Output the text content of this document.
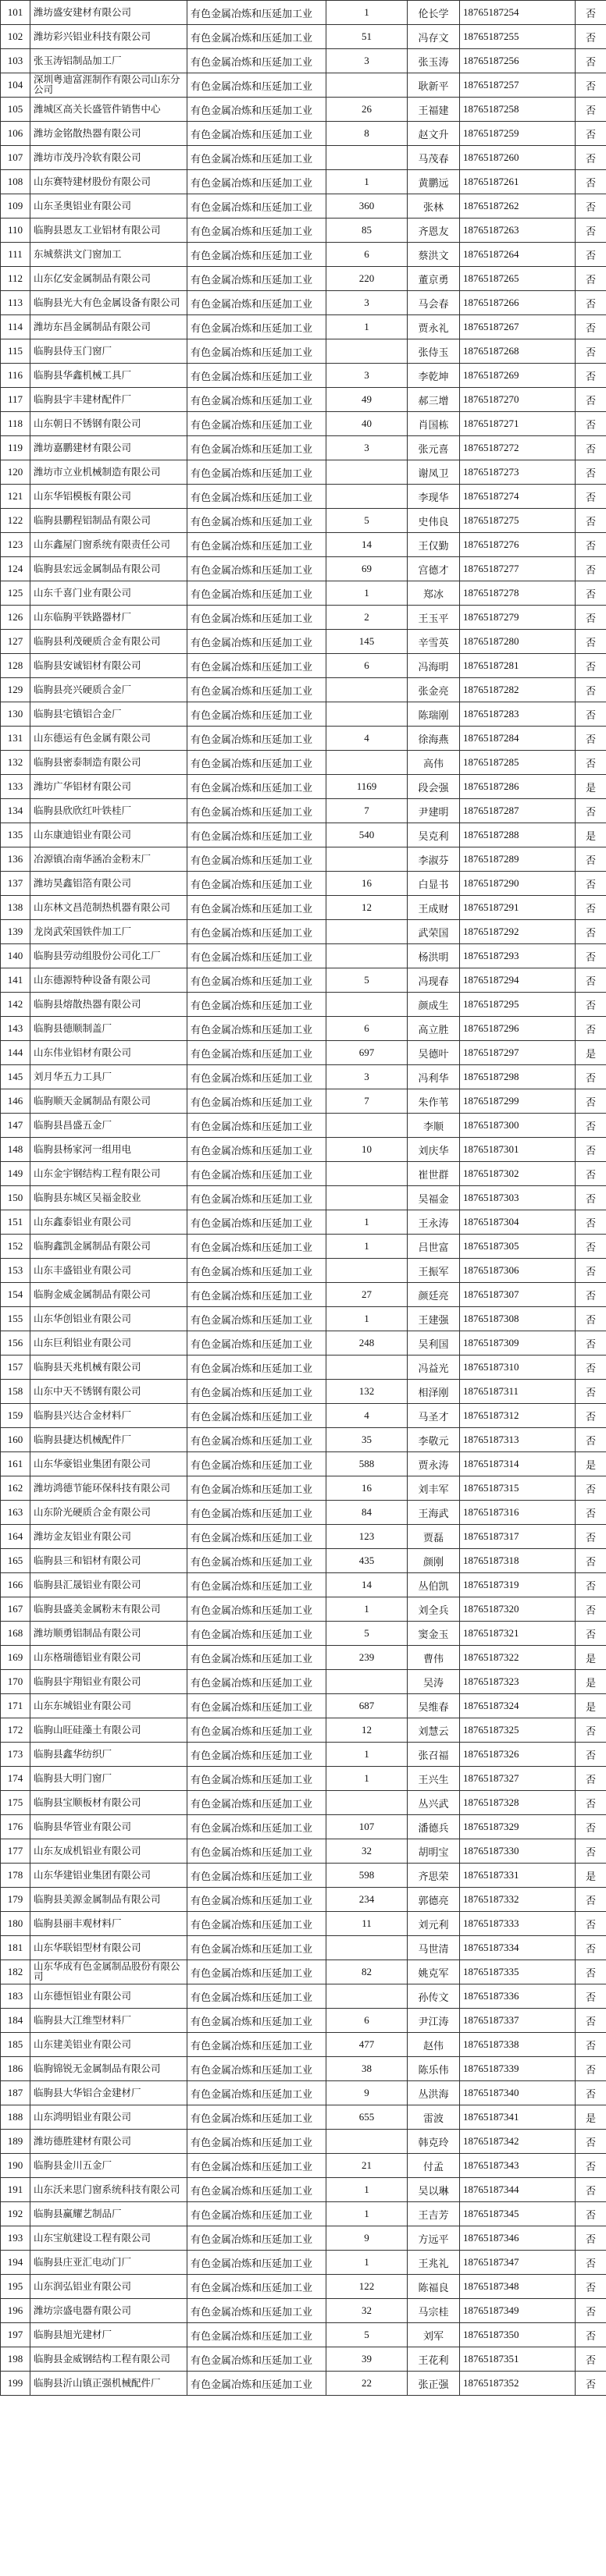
101	潍坊盛安建材有限公司	有色金属冶炼和压延加工业	1	伦长学	18765187254	否
102	潍坊彩兴铝业科技有限公司	有色金属冶炼和压延加工业	51	冯存文	18765187255	否
103	张玉涛铝制品加工厂	有色金属冶炼和压延加工业	3	张玉涛	18765187256	否
104	深圳粤迪富涯制作有限公司山东分公司	有色金属冶炼和压延加工业		耿新平	18765187257	否
105	潍城区高关长盛管件销售中心	有色金属冶炼和压延加工业	26	王福建	18765187258	否
106	潍坊金铭散热器有限公司	有色金属冶炼和压延加工业	8	赵文升	18765187259	否
107	潍坊市茂丹冷软有限公司	有色金属冶炼和压延加工业		马茂春	18765187260	否
108	山东赛特建材股份有限公司	有色金属冶炼和压延加工业	1	黄鹏远	18765187261	否
109	山东圣奥铝业有限公司	有色金属冶炼和压延加工业	360	张林	18765187262	否
110	临朐县恩友工业铝材有限公司	有色金属冶炼和压延加工业	85	齐恩友	18765187263	否
111	东城蔡洪文门窗加工	有色金属冶炼和压延加工业	6	蔡洪文	18765187264	否
112	山东亿安金属制品有限公司	有色金属冶炼和压延加工业	220	董京勇	18765187265	否
113	临朐县光大有色金属设备有限公司	有色金属冶炼和压延加工业	3	马会春	18765187266	否
114	潍坊东昌金属制品有限公司	有色金属冶炼和压延加工业	1	贾永礼	18765187267	否
115	临朐县侍玉门窗厂	有色金属冶炼和压延加工业		张侍玉	18765187268	否
116	临朐县华鑫机械工具厂	有色金属冶炼和压延加工业	3	李乾坤	18765187269	否
117	临朐县宇丰建材配件厂	有色金属冶炼和压延加工业	49	郝三增	18765187270	否
118	山东朝日不锈钢有限公司	有色金属冶炼和压延加工业	40	肖国栋	18765187271	否
119	潍坊嘉鹏建材有限公司	有色金属冶炼和压延加工业	3	张元喜	18765187272	否
120	潍坊市立业机械制造有限公司	有色金属冶炼和压延加工业		谢凤卫	18765187273	否
121	山东华铝模板有限公司	有色金属冶炼和压延加工业		李现华	18765187274	否
122	临朐县鹏程铝制品有限公司	有色金属冶炼和压延加工业	5	史伟良	18765187275	否
123	山东鑫屋门窗系统有限责任公司	有色金属冶炼和压延加工业	14	王仅勤	18765187276	否
124	临朐县宏远金属制品有限公司	有色金属冶炼和压延加工业	69	宫德才	18765187277	否
125	山东千喜门业有限公司	有色金属冶炼和压延加工业	1	郑冰	18765187278	否
126	山东临朐平铁路器材厂	有色金属冶炼和压延加工业	2	王玉平	18765187279	否
127	临朐县利茂硬质合金有限公司	有色金属冶炼和压延加工业	145	辛雪英	18765187280	否
128	临朐县安诚铝材有限公司	有色金属冶炼和压延加工业	6	冯海明	18765187281	否
129	临朐县亮兴硬质合金厂	有色金属冶炼和压延加工业		张金亮	18765187282	否
130	临朐县宅镇铝合金厂	有色金属冶炼和压延加工业		陈瑞刚	18765187283	否
131	山东德运有色金属有限公司	有色金属冶炼和压延加工业	4	徐海燕	18765187284	否
132	临朐县密泰制造有限公司	有色金属冶炼和压延加工业		高伟	18765187285	否
133	潍坊广华铝材有限公司	有色金属冶炼和压延加工业	1169	段会强	18765187286	是
134	临朐县欣欣红叶铁桂厂	有色金属冶炼和压延加工业	7	尹建明	18765187287	否
135	山东康迪铝业有限公司	有色金属冶炼和压延加工业	540	吴克利	18765187288	是
136	冶源镇冶南华涵冶金粉末厂	有色金属冶炼和压延加工业		李淑芬	18765187289	否
137	潍坊昊鑫铝箔有限公司	有色金属冶炼和压延加工业	16	白显书	18765187290	否
138	山东林文昌范制热机器有限公司	有色金属冶炼和压延加工业	12	王成财	18765187291	否
139	龙岗武荣国铁件加工厂	有色金属冶炼和压延加工业		武荣国	18765187292	否
140	临朐县劳动组股份公司化工厂	有色金属冶炼和压延加工业		杨洪明	18765187293	否
141	山东德源特种设备有限公司	有色金属冶炼和压延加工业	5	冯现春	18765187294	否
142	临朐县熔散热器有限公司	有色金属冶炼和压延加工业		颜成生	18765187295	否
143	临朐县德顺制盖厂	有色金属冶炼和压延加工业	6	高立胜	18765187296	否
144	山东伟业铝材有限公司	有色金属冶炼和压延加工业	697	吴德叶	18765187297	是
145	刘月华五力工具厂	有色金属冶炼和压延加工业	3	冯利华	18765187298	否
146	临朐顺天金属制品有限公司	有色金属冶炼和压延加工业	7	朱作苇	18765187299	否
147	临朐县昌盛五金厂	有色金属冶炼和压延加工业		李顺	18765187300	否
148	临朐县杨家河一组用电	有色金属冶炼和压延加工业	10	刘庆华	18765187301	否
149	山东金宇钢结构工程有限公司	有色金属冶炼和压延加工业		崔世群	18765187302	否
150	临朐县东城区吴福金胶业	有色金属冶炼和压延加工业		吴福金	18765187303	否
151	山东鑫泰铝业有限公司	有色金属冶炼和压延加工业	1	王永涛	18765187304	否
152	临朐鑫凯金属制品有限公司	有色金属冶炼和压延加工业	1	吕世富	18765187305	否
153	山东丰盛铝业有限公司	有色金属冶炼和压延加工业		王振军	18765187306	否
154	临朐金威金属制品有限公司	有色金属冶炼和压延加工业	27	颜廷亮	18765187307	否
155	山东华创铝业有限公司	有色金属冶炼和压延加工业	1	王建强	18765187308	否
156	山东巨利铝业有限公司	有色金属冶炼和压延加工业	248	吴利国	18765187309	否
157	临朐县天兆机械有限公司	有色金属冶炼和压延加工业		冯益光	18765187310	否
158	山东中天不锈钢有限公司	有色金属冶炼和压延加工业	132	相泽刚	18765187311	否
159	临朐县兴达合金材料厂	有色金属冶炼和压延加工业	4	马圣才	18765187312	否
160	临朐县捷达机械配件厂	有色金属冶炼和压延加工业	35	李敬元	18765187313	否
161	山东华豪铝业集团有限公司	有色金属冶炼和压延加工业	588	贾永涛	18765187314	是
162	潍坊鸿德节能环保科技有限公司	有色金属冶炼和压延加工业	16	刘丰军	18765187315	否
163	山东阶光硬质合金有限公司	有色金属冶炼和压延加工业	84	王海武	18765187316	否
164	潍坊金友铝业有限公司	有色金属冶炼和压延加工业	123	贾磊	18765187317	否
165	临朐县三和铝材有限公司	有色金属冶炼和压延加工业	435	颜刚	18765187318	否
166	临朐县汇晟铝业有限公司	有色金属冶炼和压延加工业	14	丛伯凯	18765187319	否
167	临朐县盛美金属粉末有限公司	有色金属冶炼和压延加工业	1	刘全兵	18765187320	否
168	潍坊顺勇铝制品有限公司	有色金属冶炼和压延加工业	5	窦金玉	18765187321	否
169	山东格瑞德铝业有限公司	有色金属冶炼和压延加工业	239	曹伟	18765187322	是
170	临朐县宇翔铝业有限公司	有色金属冶炼和压延加工业		吴涛	18765187323	是
171	山东东城铝业有限公司	有色金属冶炼和压延加工业	687	吴维春	18765187324	是
172	临朐山旺硅藻土有限公司	有色金属冶炼和压延加工业	12	刘慧云	18765187325	否
173	临朐县鑫华纺织厂	有色金属冶炼和压延加工业	1	张召福	18765187326	否
174	临朐县大明门窗厂	有色金属冶炼和压延加工业	1	王兴生	18765187327	否
175	临朐县宝顺板材有限公司	有色金属冶炼和压延加工业		丛兴武	18765187328	否
176	临朐县华管业有限公司	有色金属冶炼和压延加工业	107	潘德兵	18765187329	否
177	山东友成机铝业有限公司	有色金属冶炼和压延加工业	32	胡明宝	18765187330	否
178	山东华建铝业集团有限公司	有色金属冶炼和压延加工业	598	齐思荣	18765187331	是
179	临朐县美源金属制品有限公司	有色金属冶炼和压延加工业	234	郭德亮	18765187332	否
180	临朐县丽丰观材料厂	有色金属冶炼和压延加工业	11	刘元利	18765187333	否
181	山东华联铝型材有限公司	有色金属冶炼和压延加工业		马世清	18765187334	否
182	山东华成有色金属制品股份有限公司	有色金属冶炼和压延加工业	82	姚克军	18765187335	否
183	山东德恒铝业有限公司	有色金属冶炼和压延加工业		孙传文	18765187336	否
184	临朐县大江维型材料厂	有色金属冶炼和压延加工业	6	尹江涛	18765187337	否
185	山东建美铝业有限公司	有色金属冶炼和压延加工业	477	赵伟	18765187338	否
186	临朐锦锐无金属制品有限公司	有色金属冶炼和压延加工业	38	陈乐伟	18765187339	否
187	临朐县大华铝合金建材厂	有色金属冶炼和压延加工业	9	丛洪海	18765187340	否
188	山东鸿明铝业有限公司	有色金属冶炼和压延加工业	655	雷波	18765187341	是
189	潍坊德胜建材有限公司	有色金属冶炼和压延加工业		韩克玲	18765187342	否
190	临朐县金川五金厂	有色金属冶炼和压延加工业	21	付孟	18765187343	否
191	山东沃来思门窗系统科技有限公司	有色金属冶炼和压延加工业	1	吴以琳	18765187344	否
192	临朐县赢耀艺制品厂	有色金属冶炼和压延加工业	1	王吉芳	18765187345	否
193	山东宝航建设工程有限公司	有色金属冶炼和压延加工业	9	方远平	18765187346	否
194	临朐县庄亚汇电动门厂	有色金属冶炼和压延加工业	1	王兆礼	18765187347	否
195	山东润弘铝业有限公司	有色金属冶炼和压延加工业	122	陈福良	18765187348	否
196	潍坊宗盛电器有限公司	有色金属冶炼和压延加工业	32	马宗桂	18765187349	否
197	临朐县旭光建材厂	有色金属冶炼和压延加工业	5	刘军	18765187350	否
198	临朐县金威钢结构工程有限公司	有色金属冶炼和压延加工业	39	王花利	18765187351	否
199	临朐县沂山镇正强机械配件厂	有色金属冶炼和压延加工业	22	张正强	18765187352	否
